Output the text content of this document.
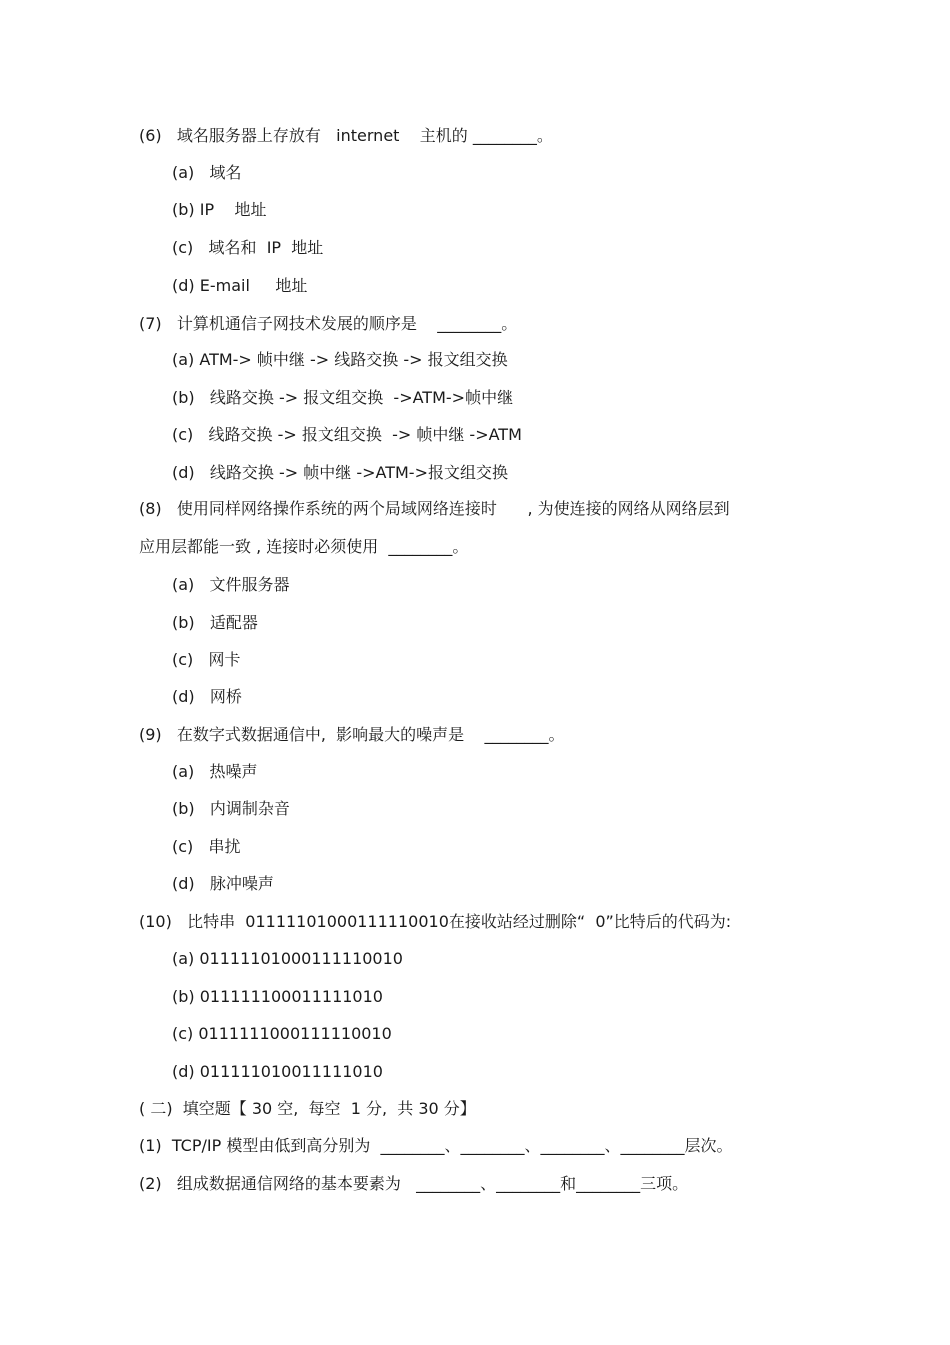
(6)   域名服务器上存放有   internet    主机的 ________。
(a)   域名
(b) IP    地址
(c)   域名和  IP  地址
(d) E-mail     地址
(7)   计算机通信子网技术发展的顺序是    ________。
(a) ATM-> 帧中继 -> 线路交换 -> 报文组交换
(b)   线路交换 -> 报文组交换  ->ATM->帧中继
(c)   线路交换 -> 报文组交换  -> 帧中继 ->ATM
(d)   线路交换 -> 帧中继 ->ATM->报文组交换
(8)   使用同样网络操作系统的两个局域网络连接时      , 为使连接的网络从网络层到
应用层都能一致 , 连接时必须使用  ________。
(a)   文件服务器
(b)   适配器
(c)   网卡
(d)   网桥
(9)   在数字式数据通信中,  影响最大的噪声是    ________。
(a)   热噪声
(b)   内调制杂音
(c)   串扰
(d)   脉冲噪声
(10)   比特串  01111101000111110010在接收站经过删除“  0”比特后的代码为:
(a) 01111101000111110010
(b) 011111100011111010
(c) 0111111000111110010
(d) 011111010011111010
( 二)  填空题【 30 空,  每空  1 分,  共 30 分】
(1)  TCP/IP 模型由低到高分别为  ________、________、________、________层次。
(2)   组成数据通信网络的基本要素为   ________、________和________三项。
